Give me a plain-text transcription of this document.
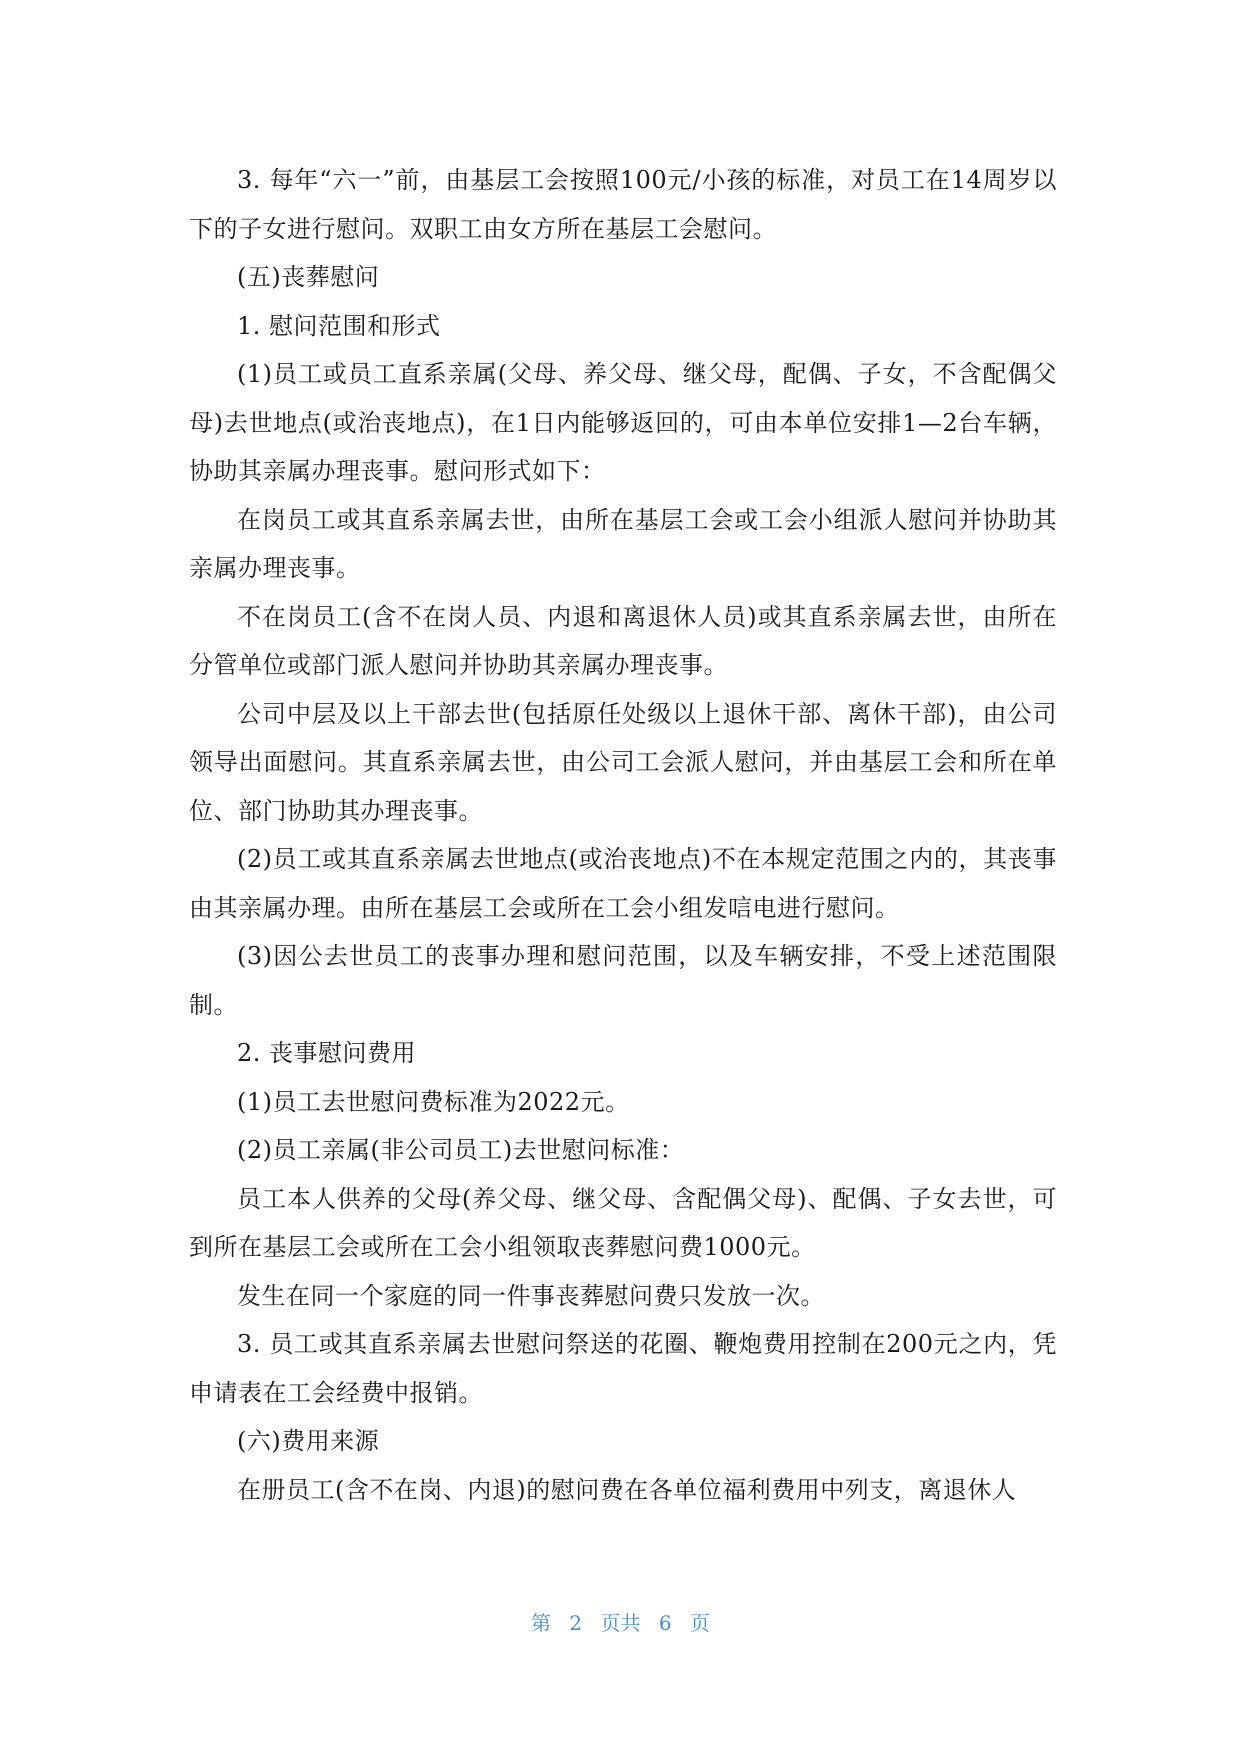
3. 每年“六一”前，由基层工会按照100元/小孩的标准，对员工在14周岁以下的子女进行慰问。双职工由女方所在基层工会慰问。

(五)丧葬慰问

1. 慰问范围和形式

(1)员工或员工直系亲属(父母、养父母、继父母，配偶、子女，不含配偶父母)去世地点(或治丧地点)，在1日内能够返回的，可由本单位安排1—2台车辆，协助其亲属办理丧事。慰问形式如下：

在岗员工或其直系亲属去世，由所在基层工会或工会小组派人慰问并协助其亲属办理丧事。

不在岗员工(含不在岗人员、内退和离退休人员)或其直系亲属去世，由所在分管单位或部门派人慰问并协助其亲属办理丧事。

公司中层及以上干部去世(包括原任处级以上退休干部、离休干部)，由公司领导出面慰问。其直系亲属去世，由公司工会派人慰问，并由基层工会和所在单位、部门协助其办理丧事。

(2)员工或其直系亲属去世地点(或治丧地点)不在本规定范围之内的，其丧事由其亲属办理。由所在基层工会或所在工会小组发唁电进行慰问。

(3)因公去世员工的丧事办理和慰问范围，以及车辆安排，不受上述范围限制。

2. 丧事慰问费用

(1)员工去世慰问费标准为2022元。

(2)员工亲属(非公司员工)去世慰问标准：

员工本人供养的父母(养父母、继父母、含配偶父母)、配偶、子女去世，可到所在基层工会或所在工会小组领取丧葬慰问费1000元。

发生在同一个家庭的同一件事丧葬慰问费只发放一次。

3. 员工或其直系亲属去世慰问祭送的花圈、鞭炮费用控制在200元之内，凭申请表在工会经费中报销。

(六)费用来源

在册员工(含不在岗、内退)的慰问费在各单位福利费用中列支，离退休人

第 2 页共 6 页
